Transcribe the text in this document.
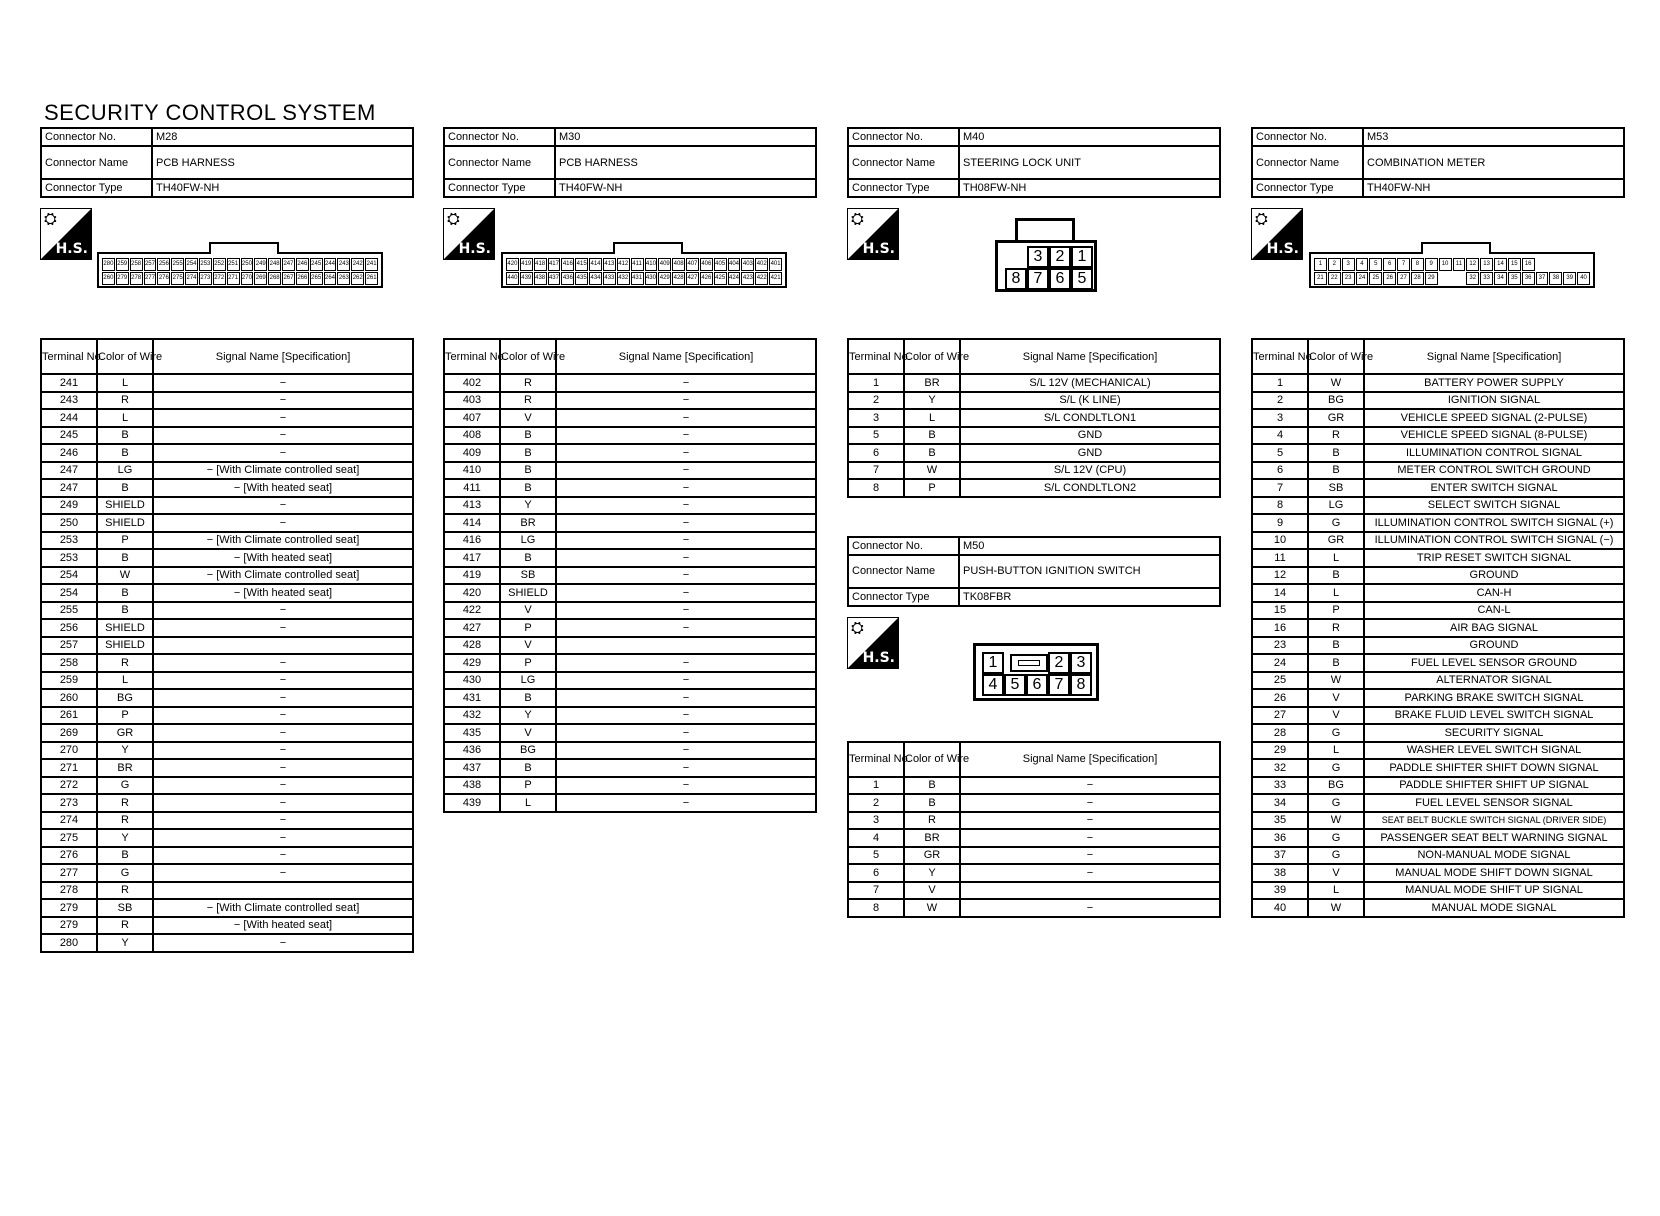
SECURITY CONTROL SYSTEM
Connector No.	M28
Connector Name	PCB HARNESS
Connector Type	TH40FW-NH
⛭
H.S.
280 259 258 257 256 255 254 253 252 251 250 249 248 247 246 245 244 243 242 241
260 279 278 277 276 275 274 273 272 271 270 269 268 267 266 265 264 263 262 261
Terminal No.	Color of Wire	Signal Name [Specification]
241	L	−
243	R	−
244	L	−
245	B	−
246	B	−
247	LG	− [With Climate controlled seat]
247	B	− [With heated seat]
249	SHIELD	−
250	SHIELD	−
253	P	− [With Climate controlled seat]
253	B	− [With heated seat]
254	W	− [With Climate controlled seat]
254	B	− [With heated seat]
255	B	−
256	SHIELD	−
257	SHIELD	
258	R	−
259	L	−
260	BG	−
261	P	−
269	GR	−
270	Y	−
271	BR	−
272	G	−
273	R	−
274	R	−
275	Y	−
276	B	−
277	G	−
278	R	
279	SB	− [With Climate controlled seat]
279	R	− [With heated seat]
280	Y	−
Connector No.	M30
Connector Name	PCB HARNESS
Connector Type	TH40FW-NH
⛭
H.S.
420 419 418 417 416 415 414 413 412 411 410 409 408 407 406 405 404 403 402 401
440 439 438 437 436 435 434 433 432 431 430 429 428 427 426 425 424 423 422 421
Terminal No.	Color of Wire	Signal Name [Specification]
402	R	−
403	R	−
407	V	−
408	B	−
409	B	−
410	B	−
411	B	−
413	Y	−
414	BR	−
416	LG	−
417	B	−
419	SB	−
420	SHIELD	−
422	V	−
427	P	−
428	V	
429	P	−
430	LG	−
431	B	−
432	Y	−
435	V	−
436	BG	−
437	B	−
438	P	−
439	L	−
Connector No.	M40
Connector Name	STEERING LOCK UNIT
Connector Type	TH08FW-NH
⛭
H.S.	3 2 1
8 7 6 5
Terminal No.	Color of Wire	Signal Name [Specification]
1	BR	S/L 12V (MECHANICAL)
2	Y	S/L (K LINE)
3	L	S/L CONDLTLON1
5	B	GND
6	B	GND
7	W	S/L 12V (CPU)
8	P	S/L CONDLTLON2
Connector No.	M50
Connector Name	PUSH-BUTTON IGNITION SWITCH
Connector Type	TK08FBR
⛭
H.S.	1	2 3
4 5 6 7 8
Terminal No.	Color of Wire	Signal Name [Specification]
1	B	−
2	B	−
3	R	−
4	BR	−
5	GR	−
6	Y	−
7	V	
8	W	−
Connector No.	M53
Connector Name	COMBINATION METER
Connector Type	TH40FW-NH
⛭
H.S.
1	2	3	4	5	6	7	8	9	10	11	12	13	14	15	16
21	22	23	24	25	26	27	28	29	32	33	34	35	36	37	38	39	40
Terminal No.	Color of Wire	Signal Name [Specification]
1	W	BATTERY POWER SUPPLY
2	BG	IGNITION SIGNAL
3	GR	VEHICLE SPEED SIGNAL (2-PULSE)
4	R	VEHICLE SPEED SIGNAL (8-PULSE)
5	B	ILLUMINATION CONTROL SIGNAL
6	B	METER CONTROL SWITCH GROUND
7	SB	ENTER SWITCH SIGNAL
8	LG	SELECT SWITCH SIGNAL
9	G	ILLUMINATION CONTROL SWITCH SIGNAL (+)
10	GR	ILLUMINATION CONTROL SWITCH SIGNAL (−)
11	L	TRIP RESET SWITCH SIGNAL
12	B	GROUND
14	L	CAN-H
15	P	CAN-L
16	R	AIR BAG SIGNAL
23	B	GROUND
24	B	FUEL LEVEL SENSOR GROUND
25	W	ALTERNATOR SIGNAL
26	V	PARKING BRAKE SWITCH SIGNAL
27	V	BRAKE FLUID LEVEL SWITCH SIGNAL
28	G	SECURITY SIGNAL
29	L	WASHER LEVEL SWITCH SIGNAL
32	G	PADDLE SHIFTER SHIFT DOWN SIGNAL
33	BG	PADDLE SHIFTER SHIFT UP SIGNAL
34	G	FUEL LEVEL SENSOR SIGNAL
35	W	SEAT BELT BUCKLE SWITCH SIGNAL (DRIVER SIDE)
36	G	PASSENGER SEAT BELT WARNING SIGNAL
37	G	NON-MANUAL MODE SIGNAL
38	V	MANUAL MODE SHIFT DOWN SIGNAL
39	L	MANUAL MODE SHIFT UP SIGNAL
40	W	MANUAL MODE SIGNAL
